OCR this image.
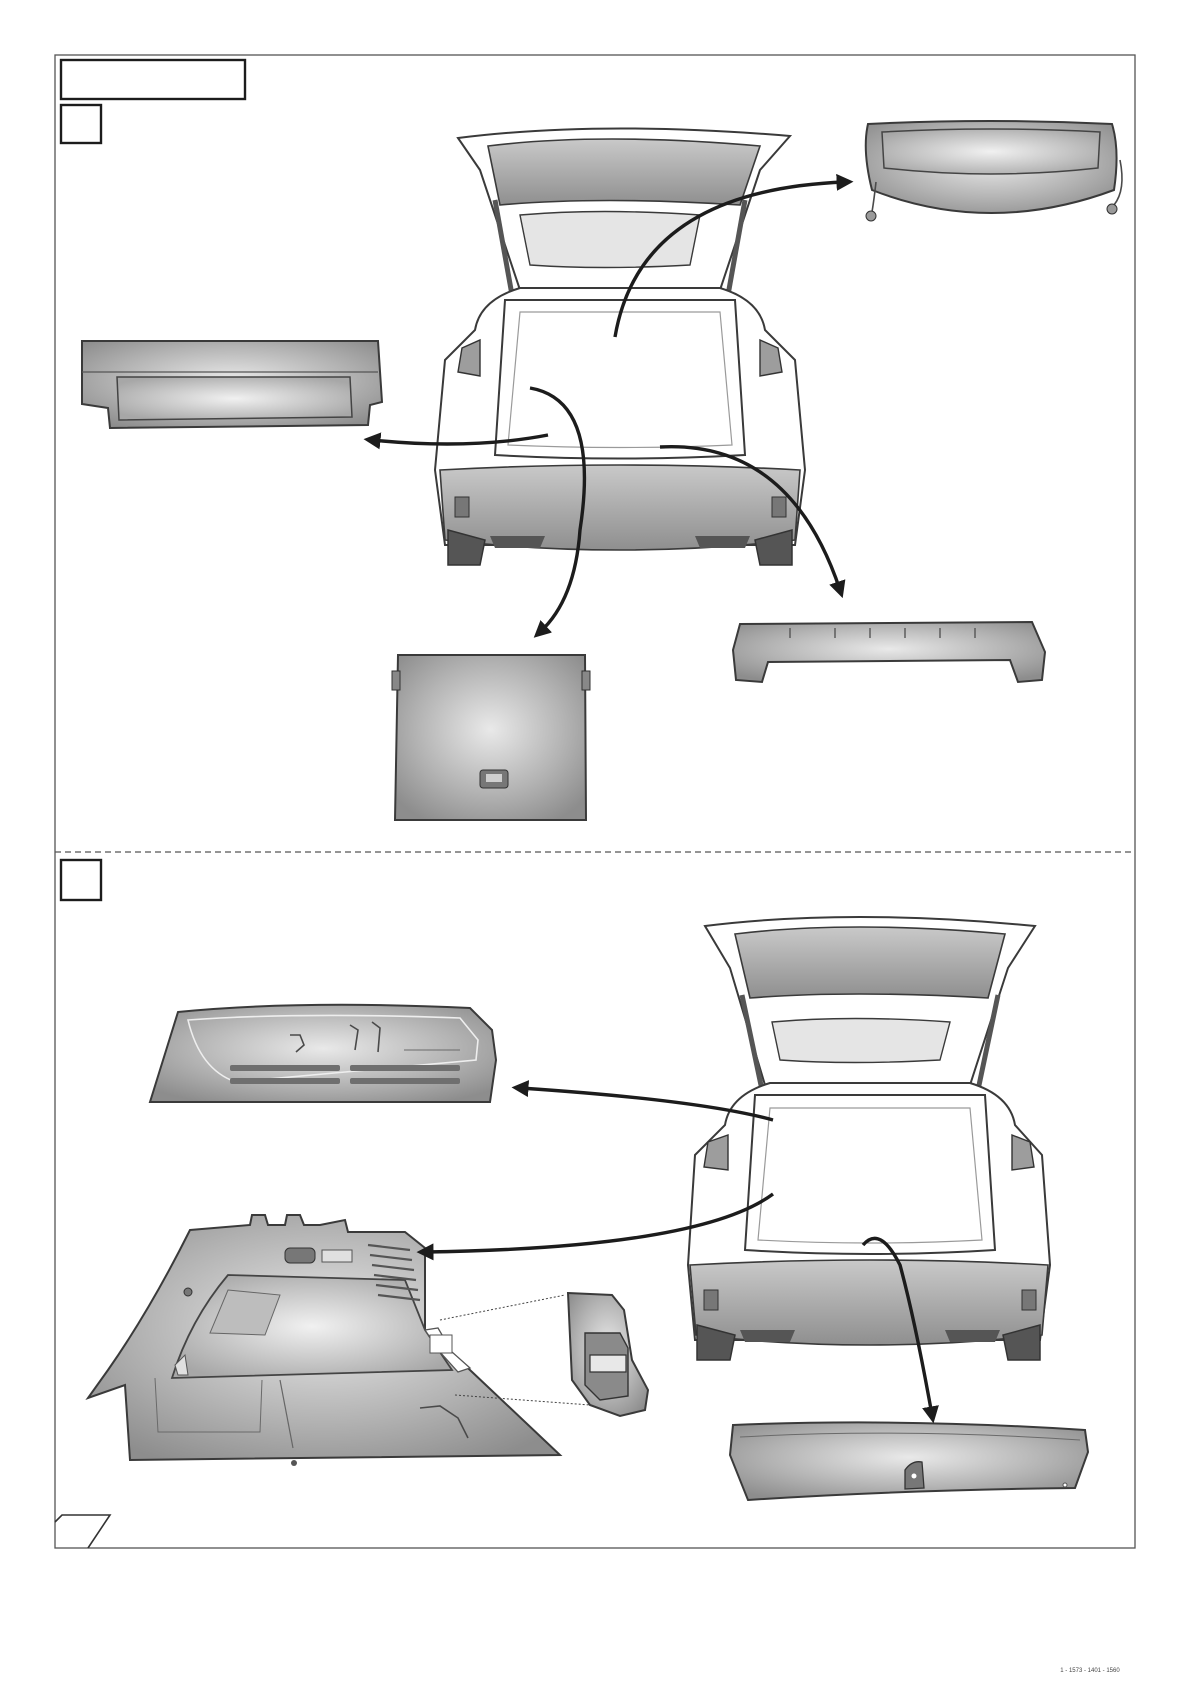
1 - 1573 - 1401 - 1560
